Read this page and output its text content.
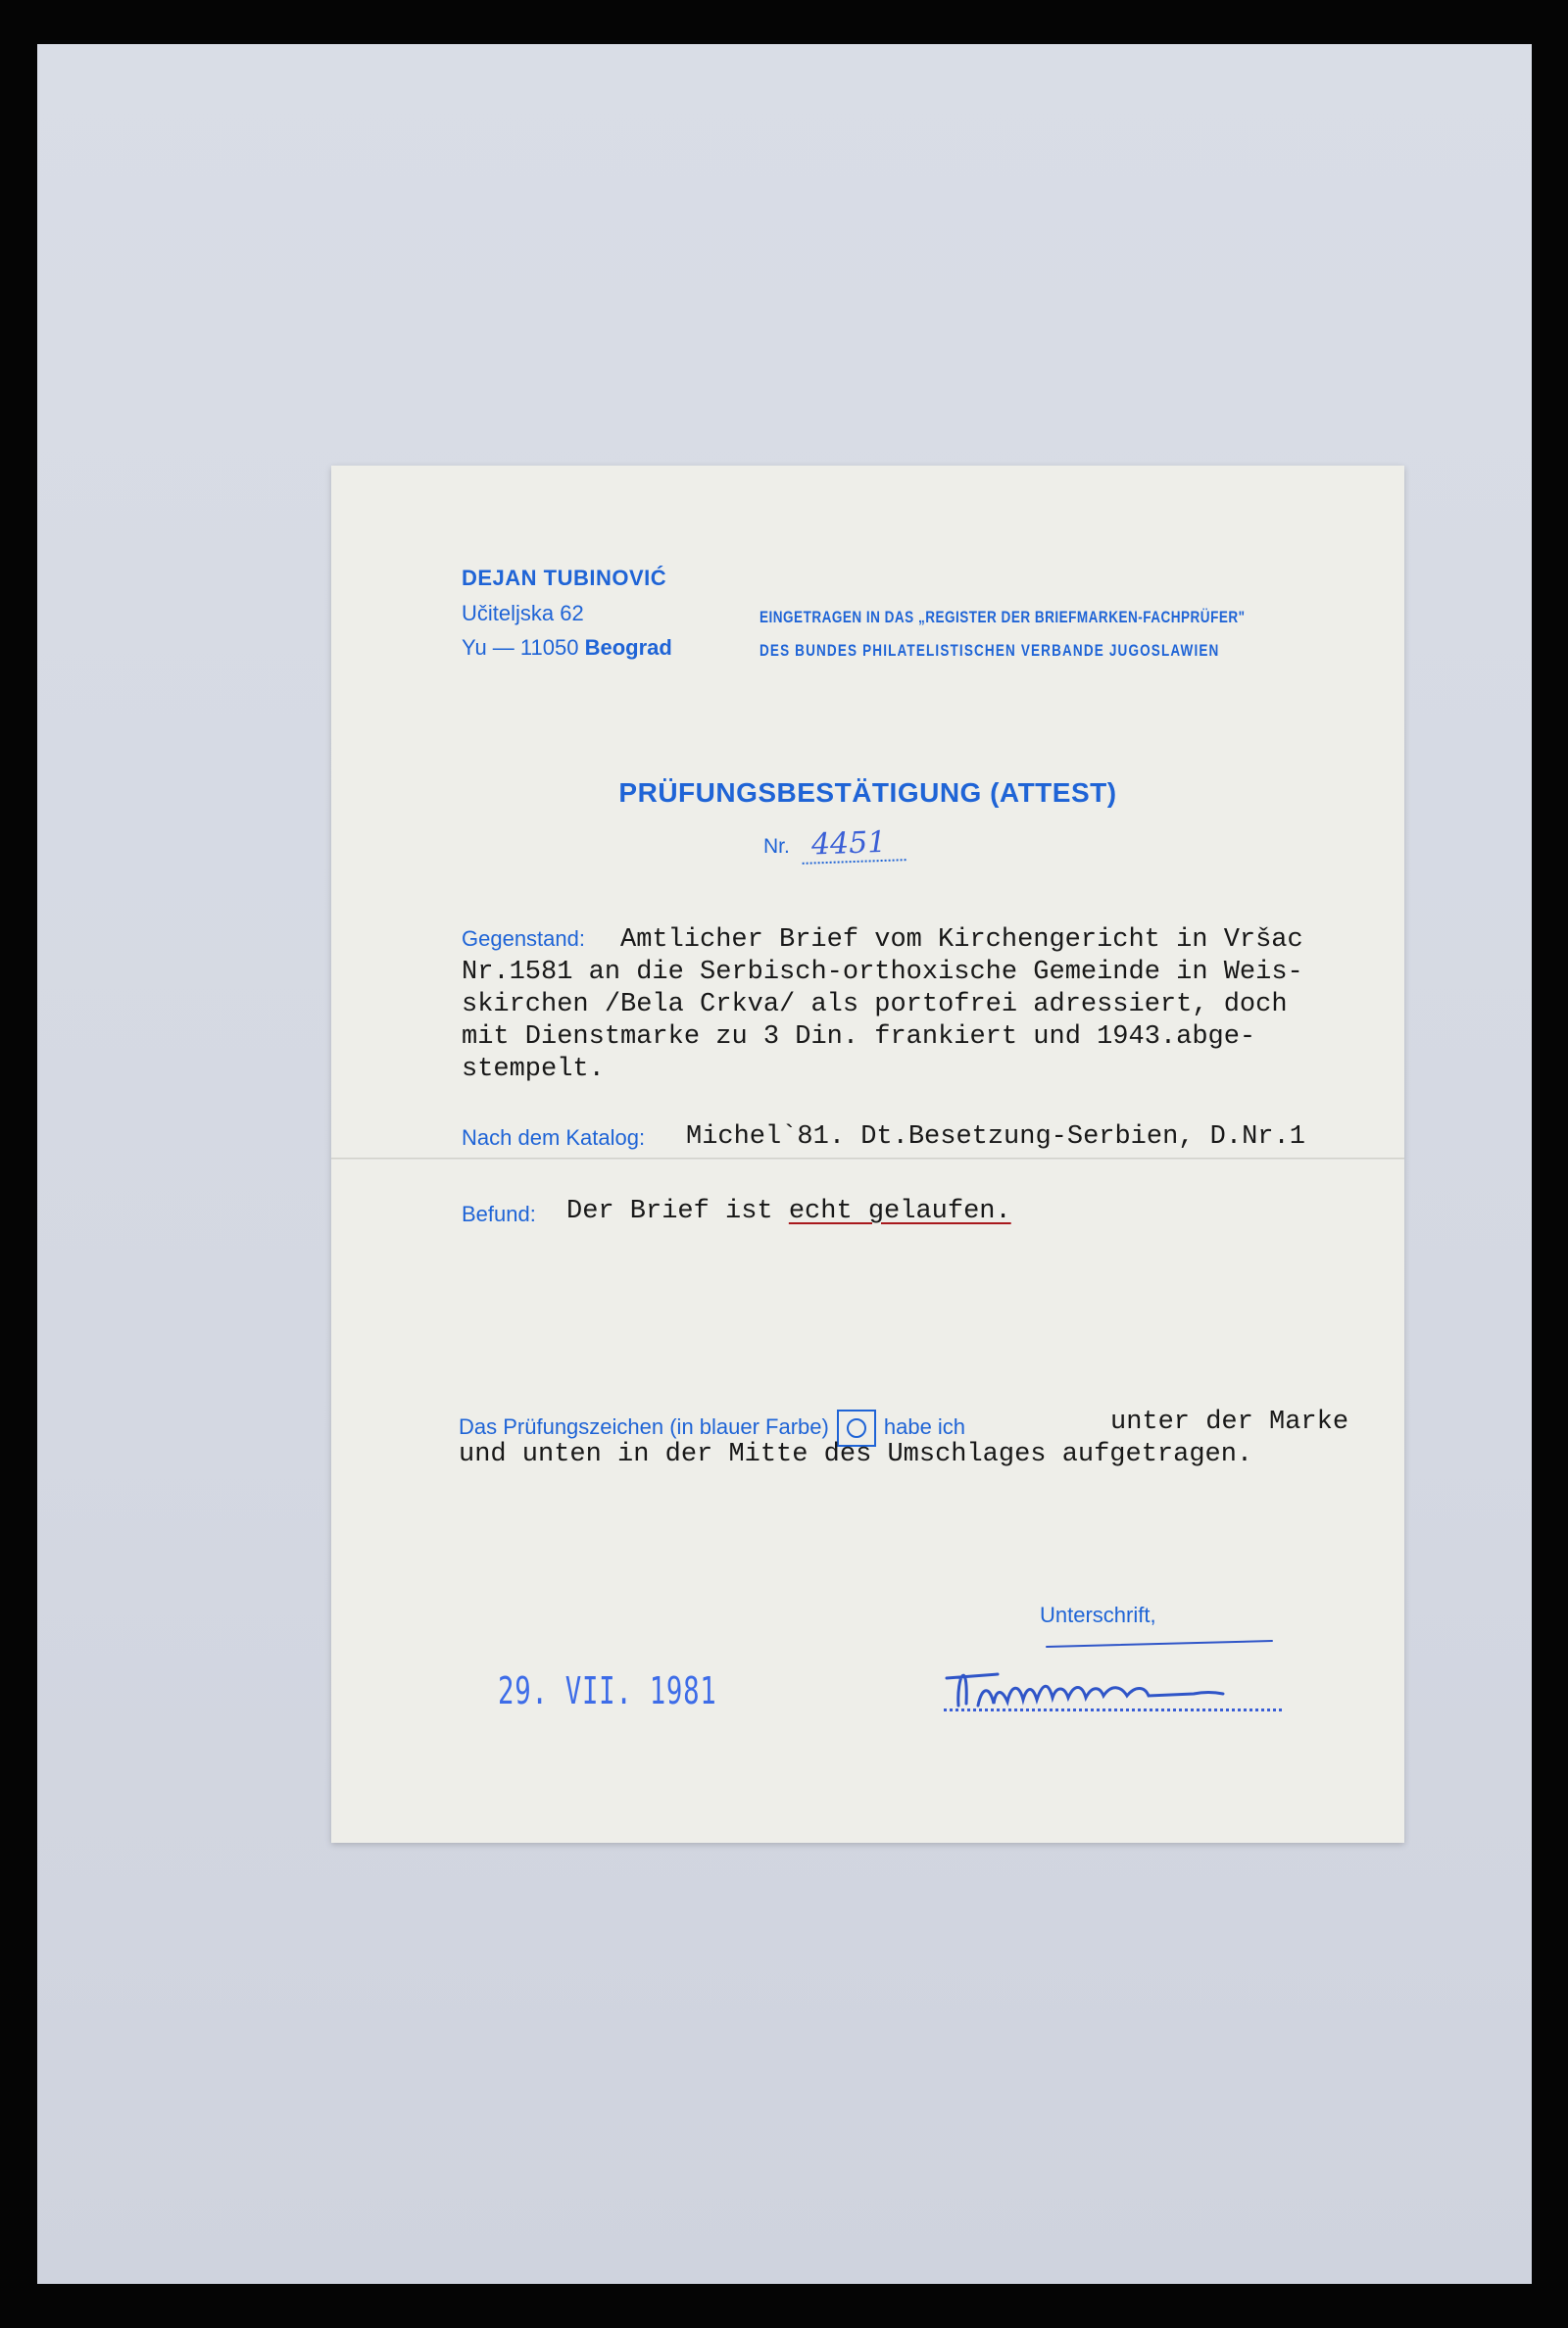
DEJAN TUBINOVIĆ
Učiteljska 62
Yu — 11050 Beograd
EINGETRAGEN IN DAS „REGISTER DER BRIEFMARKEN-FACHPRÜFER"
DES BUNDES PHILATELISTISCHEN VERBANDE JUGOSLAWIEN
PRÜFUNGSBESTÄTIGUNG (ATTEST)
Nr. 4451
Gegenstand: Amtlicher Brief vom Kirchengericht in Vršac
Nr.1581 an die Serbisch-orthoxische Gemeinde in Weis-
skirchen /Bela Crkva/ als portofrei adressiert, doch
mit Dienstmarke zu 3 Din. frankiert und 1943.abge-
stempelt.
Nach dem Katalog: Michel`81. Dt.Besetzung-Serbien, D.Nr.1
Befund: Der Brief ist echt gelaufen.
Das Prüfungszeichen (in blauer Farbe)	habe ich	unter der Marke
und unten in der Mitte des Umschlages aufgetragen.
Unterschrift,
29. VII. 1981
